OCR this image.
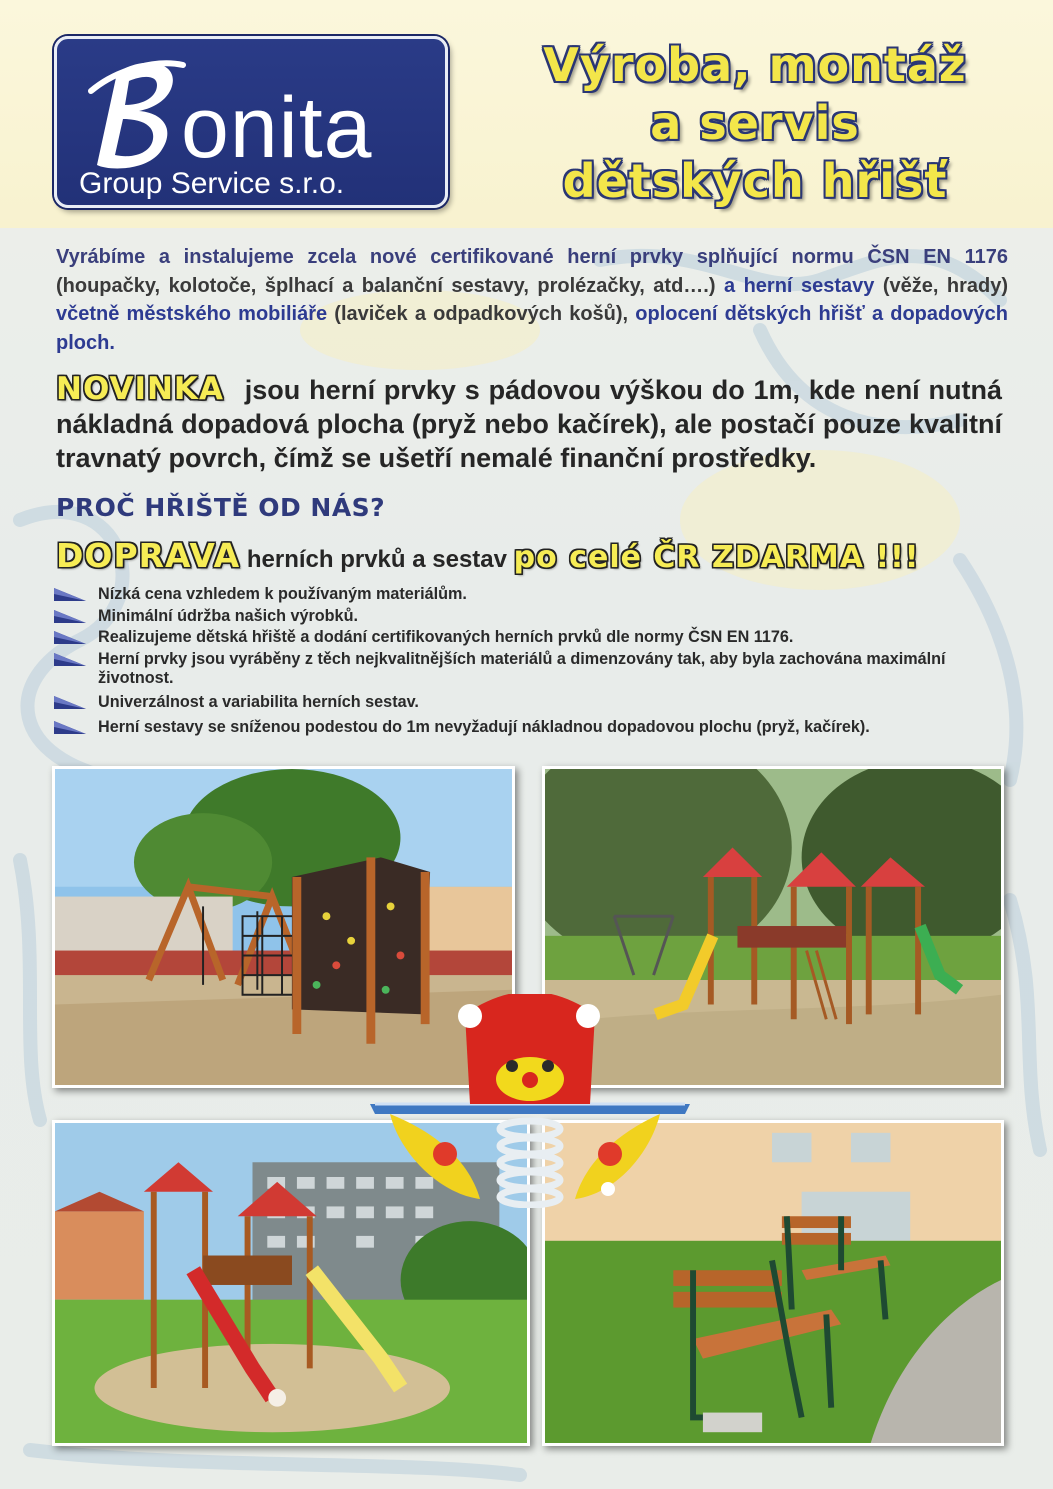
onita
Group Service s.r.o.
Výroba, montáž
a servis
dětských hřišť
Vyrábíme a instalujeme zcela nové certifikované herní prvky splňující normu ČSN EN 1176 (houpačky, kolotoče, šplhací a balanční sestavy, prolézačky, atd….) a herní sestavy (věže, hrady) včetně městského mobiliáře (laviček a odpadkových košů), oplocení dětských hřišť a dopadových ploch.
NOVINKA jsou herní prvky s pádovou výškou do 1m, kde není nutná nákladná dopadová plocha (pryž nebo kačírek), ale postačí pouze kvalitní travnatý povrch, čímž se ušetří nemalé finanční prostředky.
PROČ HŘIŠTĚ OD NÁS?
DOPRAVA herních prvků a sestav po celé ČR ZDARMA !!!
Nízká cena vzhledem k používaným materiálům.
Minimální údržba našich výrobků.
Realizujeme dětská hřiště a dodání certifikovaných herních prvků dle normy ČSN EN 1176.
Herní prvky jsou vyráběny z těch nejkvalitnějších materiálů a dimenzovány tak, aby byla zachována maximální životnost.
Univerzálnost a variabilita herních sestav.
Herní sestavy se sníženou podestou do 1m nevyžadují nákladnou dopadovou plochu (pryž, kačírek).
